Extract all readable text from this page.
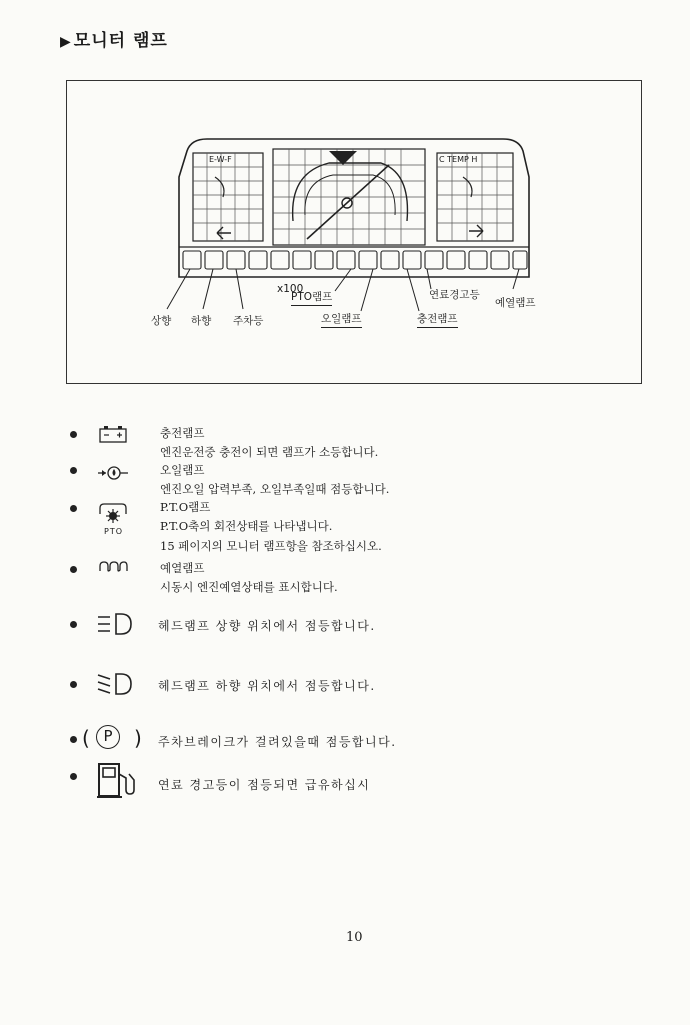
▶ 모니터 램프
x100
E-W-F	C TEMP H
상향 하향 주차등
PTO램프
오일램프	충전램프
연료경고등
예열램프
충전램프
엔진운전중 충전이 되면 램프가 소등합니다.
오일램프
엔진오일 압력부족, 오일부족일때 점등합니다.
PTO
P.T.O램프
P.T.O축의 회전상태를 나타냅니다.
15 페이지의 모니터 램프항을 참조하십시오.
예열램프
시동시 엔진예열상태를 표시합니다.
헤드램프 상향 위치에서 점등합니다.
헤드램프 하향 위치에서 점등합니다.
( P	) 주차브레이크가 걸려있을때 점등합니다.
연료 경고등이 점등되면 급유하십시
10
